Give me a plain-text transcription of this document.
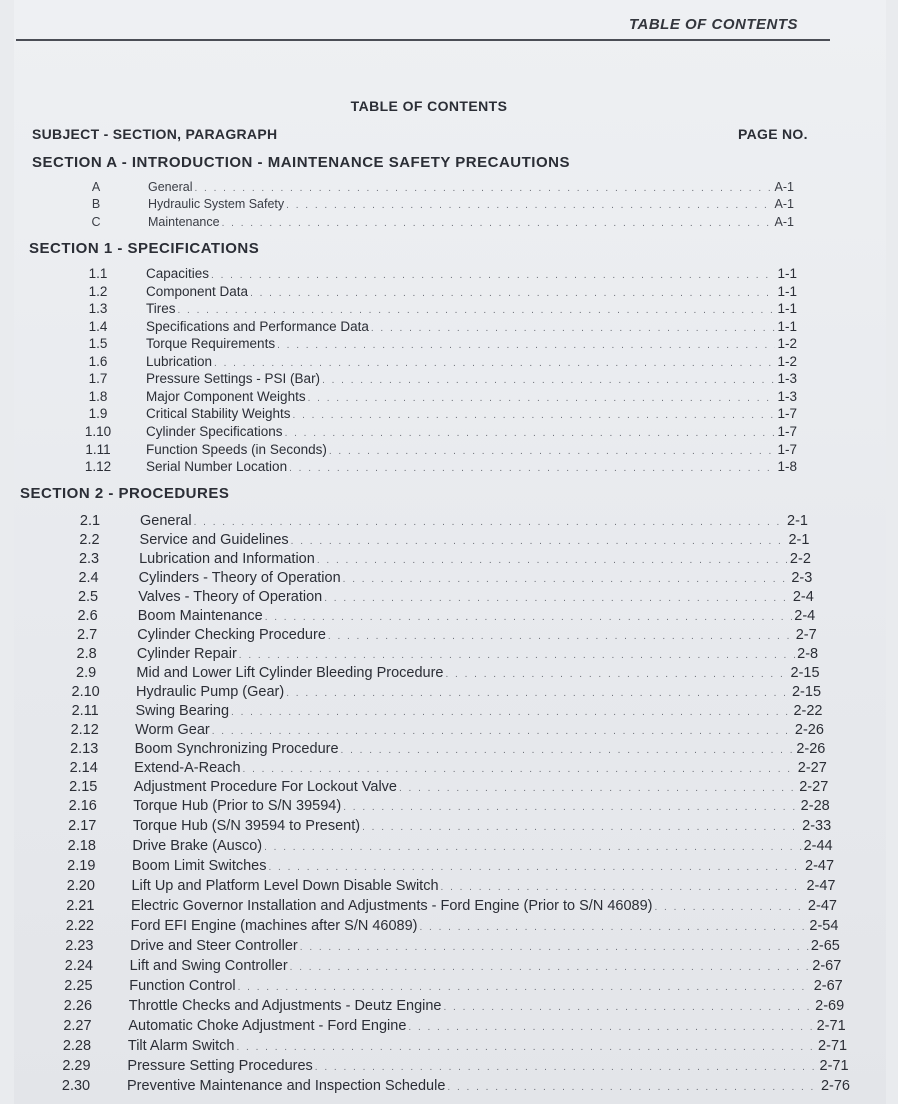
TABLE OF CONTENTS
TABLE OF CONTENTS
SUBJECT - SECTION, PARAGRAPH	PAGE NO.
SECTION A - INTRODUCTION - MAINTENANCE SAFETY PRECAUTIONS
A	General . . .	A-1
B	Hydraulic System Safety . . .	A-1
C	Maintenance . . .	A-1
SECTION 1 - SPECIFICATIONS
1.1	Capacities . . .	1-1
1.2	Component Data . . .	1-1
1.3	Tires . . .	1-1
1.4	Specifications and Performance Data . . .	1-1
1.5	Torque Requirements . . .	1-2
1.6	Lubrication . . .	1-2
1.7	Pressure Settings - PSI (Bar) . . .	1-3
1.8	Major Component Weights . . .	1-3
1.9	Critical Stability Weights . . .	1-7
1.10	Cylinder Specifications . . .	1-7
1.11	Function Speeds (in Seconds) . . .	1-7
1.12	Serial Number Location . . .	1-8
SECTION 2 - PROCEDURES
2.1	General . . .	2-1
2.2	Service and Guidelines . . .	2-1
2.3	Lubrication and Information . . .	2-2
2.4	Cylinders - Theory of Operation . . .	2-3
2.5	Valves - Theory of Operation . . .	2-4
2.6	Boom Maintenance . . .	2-4
2.7	Cylinder Checking Procedure . . .	2-7
2.8	Cylinder Repair . . .	2-8
2.9	Mid and Lower Lift Cylinder Bleeding Procedure . . .	2-15
2.10	Hydraulic Pump (Gear) . . .	2-15
2.11	Swing Bearing . . .	2-22
2.12	Worm Gear . . .	2-26
2.13	Boom Synchronizing Procedure . . .	2-26
2.14	Extend-A-Reach . . .	2-27
2.15	Adjustment Procedure For Lockout Valve . . .	2-27
2.16	Torque Hub (Prior to S/N 39594) . . .	2-28
2.17	Torque Hub (S/N 39594 to Present) . . .	2-33
2.18	Drive Brake (Ausco) . . .	2-44
2.19	Boom Limit Switches . . .	2-47
2.20	Lift Up and Platform Level Down Disable Switch . . .	2-47
2.21	Electric Governor Installation and Adjustments - Ford Engine (Prior to S/N 46089) . . .	2-47
2.22	Ford EFI Engine (machines after S/N 46089) . . .	2-54
2.23	Drive and Steer Controller . . .	2-65
2.24	Lift and Swing Controller . . .	2-67
2.25	Function Control . . .	2-67
2.26	Throttle Checks and Adjustments - Deutz Engine . . .	2-69
2.27	Automatic Choke Adjustment - Ford Engine . . .	2-71
2.28	Tilt Alarm Switch . . .	2-71
2.29	Pressure Setting Procedures . . .	2-71
2.30	Preventive Maintenance and Inspection Schedule . . .	2-76
